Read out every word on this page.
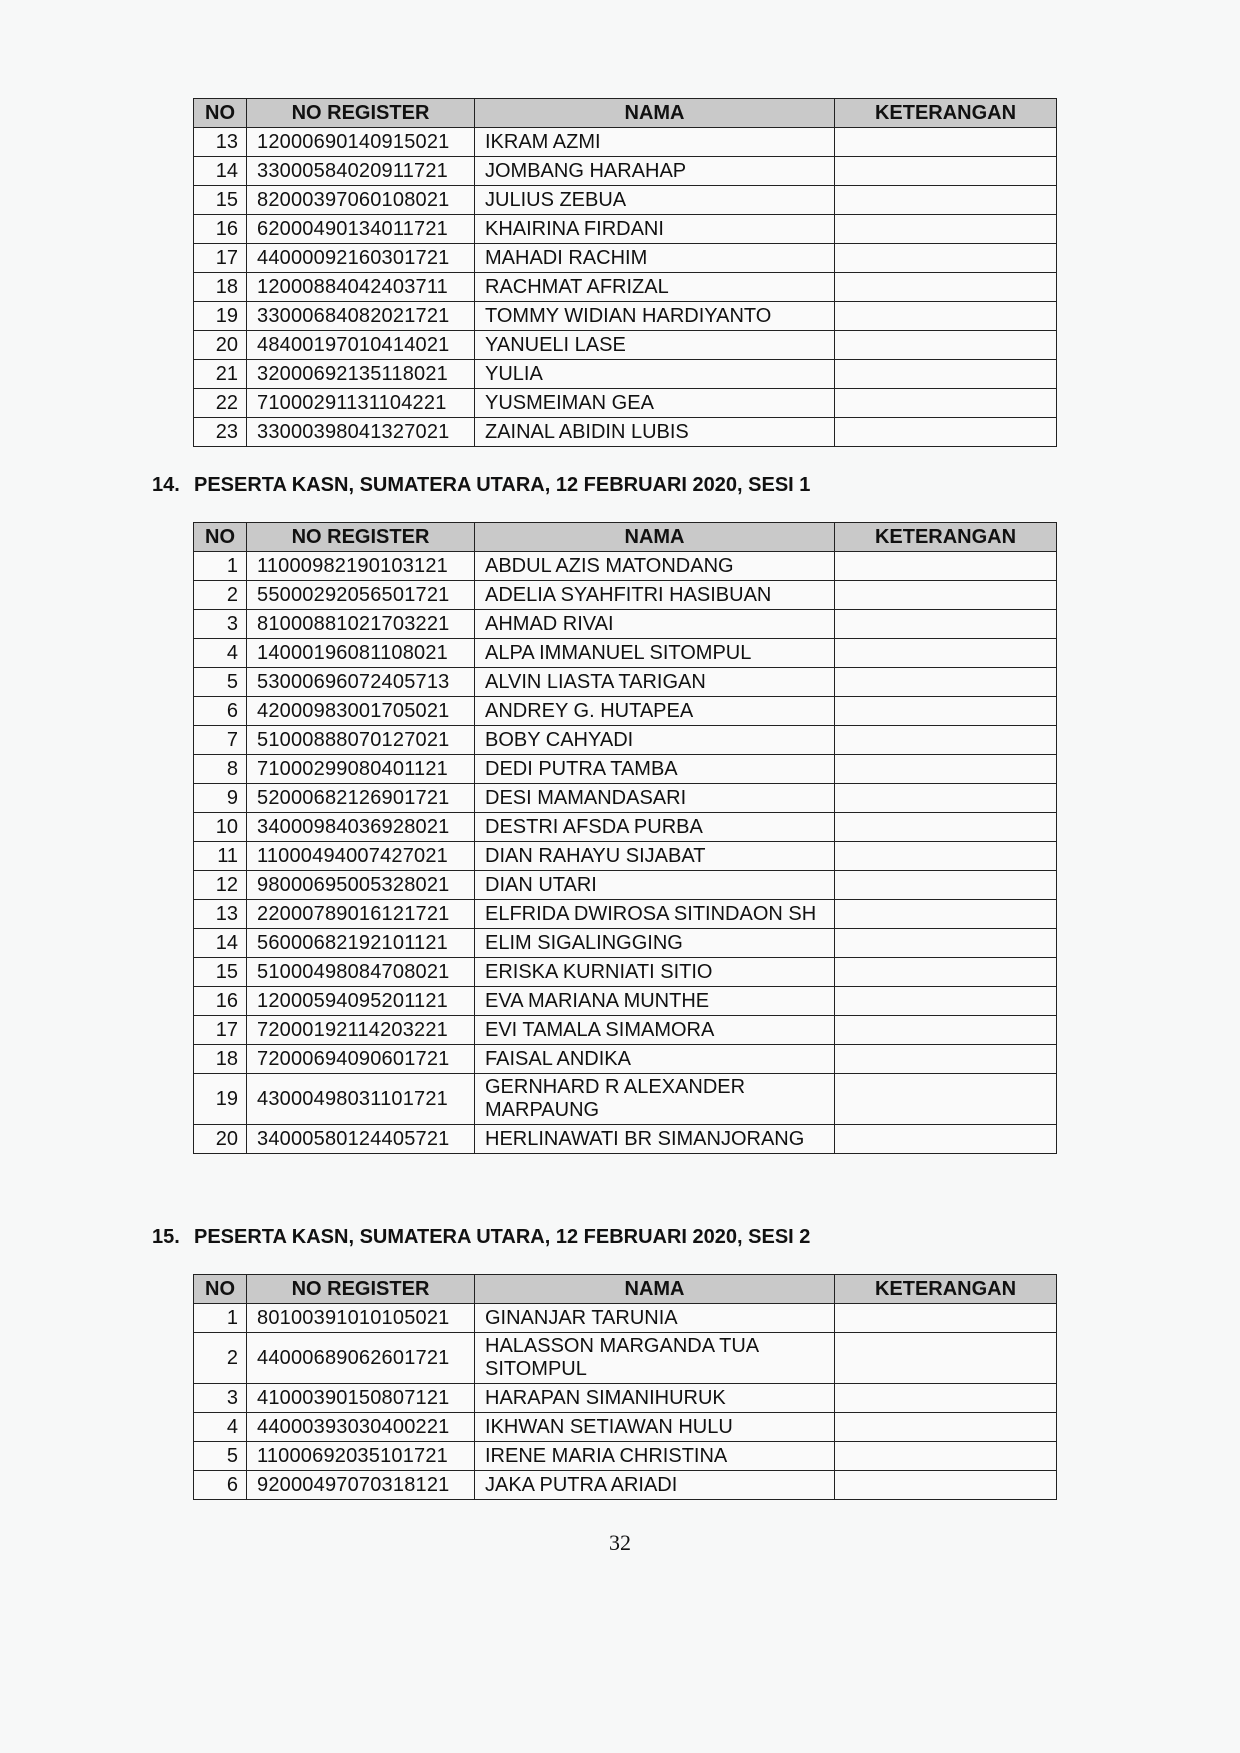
NO	NO REGISTER	NAMA	KETERANGAN
13	12000690140915021	IKRAM AZMI	
14	33000584020911721	JOMBANG HARAHAP	
15	82000397060108021	JULIUS ZEBUA	
16	62000490134011721	KHAIRINA FIRDANI	
17	44000092160301721	MAHADI RACHIM	
18	12000884042403711	RACHMAT AFRIZAL	
19	33000684082021721	TOMMY WIDIAN HARDIYANTO	
20	48400197010414021	YANUELI LASE	
21	32000692135118021	YULIA	
22	71000291131104221	YUSMEIMAN GEA	
23	33000398041327021	ZAINAL ABIDIN LUBIS	
14. PESERTA KASN, SUMATERA UTARA, 12 FEBRUARI 2020, SESI 1
NO	NO REGISTER	NAMA	KETERANGAN
1	11000982190103121	ABDUL AZIS MATONDANG	
2	55000292056501721	ADELIA SYAHFITRI HASIBUAN	
3	81000881021703221	AHMAD RIVAI	
4	14000196081108021	ALPA IMMANUEL SITOMPUL	
5	53000696072405713	ALVIN LIASTA TARIGAN	
6	42000983001705021	ANDREY G. HUTAPEA	
7	51000888070127021	BOBY CAHYADI	
8	71000299080401121	DEDI PUTRA TAMBA	
9	52000682126901721	DESI MAMANDASARI	
10	34000984036928021	DESTRI AFSDA PURBA	
11	11000494007427021	DIAN RAHAYU SIJABAT	
12	98000695005328021	DIAN UTARI	
13	22000789016121721	ELFRIDA DWIROSA SITINDAON SH	
14	56000682192101121	ELIM SIGALINGGING	
15	51000498084708021	ERISKA KURNIATI SITIO	
16	12000594095201121	EVA MARIANA MUNTHE	
17	72000192114203221	EVI TAMALA SIMAMORA	
18	72000694090601721	FAISAL ANDIKA	
19	43000498031101721	GERNHARD R ALEXANDER MARPAUNG	
20	34000580124405721	HERLINAWATI BR SIMANJORANG	
15. PESERTA KASN, SUMATERA UTARA, 12 FEBRUARI 2020, SESI 2
NO	NO REGISTER	NAMA	KETERANGAN
1	80100391010105021	GINANJAR TARUNIA	
2	44000689062601721	HALASSON MARGANDA TUA SITOMPUL	
3	41000390150807121	HARAPAN SIMANIHURUK	
4	44000393030400221	IKHWAN SETIAWAN HULU	
5	11000692035101721	IRENE MARIA CHRISTINA	
6	92000497070318121	JAKA PUTRA ARIADI	
32
